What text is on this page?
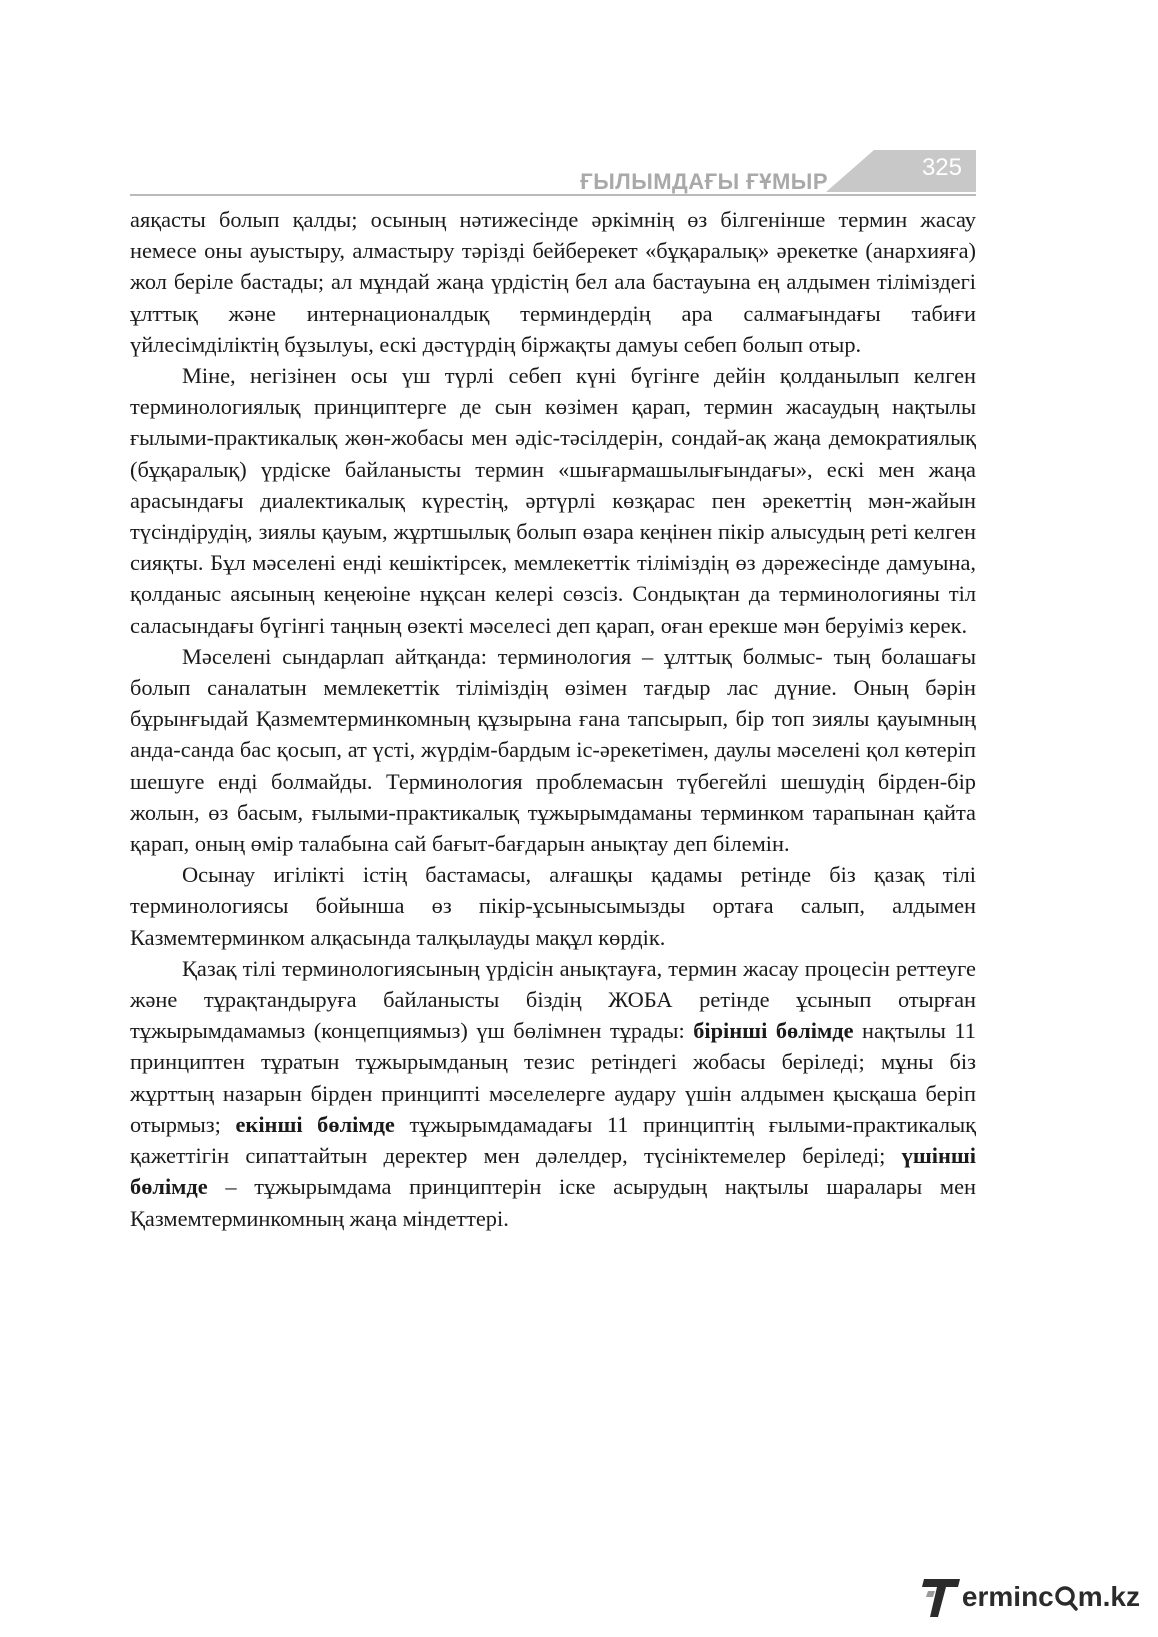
ҒЫЛЫМДАҒЫ ҒҰМЫР
325

аяқасты болып қалды; осының нәтижесінде әркімнің өз білгенінше термин жасау немесе оны ауыстыру, алмастыру тәрізді бейберекет «бұқаралық» әрекетке (анархияға) жол беріле бастады; ал мұндай жаңа үрдістің бел ала бастауына ең алдымен тіліміздегі ұлттық және интернационалдық терминдердің ара салмағындағы табиғи үйлесімділіктің бұзылуы, ескі дәстүрдің біржақты дамуы себеп болып отыр.

Міне, негізінен осы үш түрлі себеп күні бүгінге дейін қолданылып келген терминологиялық принциптерге де сын көзімен қарап, термин жасаудың нақтылы ғылыми-практикалық жөн-жобасы мен әдіс-тәсілдерін, сондай-ақ жаңа демократиялық (бұқаралық) үрдіске байланысты термин «шығармашылығындағы», ескі мен жаңа арасындағы диалектикалық күрестің, әртүрлі көзқарас пен әрекеттің мән-жайын түсіндірудің, зиялы қауым, жұртшылық болып өзара кеңінен пікір алысудың реті келген сияқты. Бұл мәселені енді кешіктірсек, мемлекеттік тіліміздің өз дәрежесінде дамуына, қолданыс аясының кеңеюіне нұқсан келері сөзсіз. Сондықтан да терминологияны тіл саласындағы бүгінгі таңның өзекті мәселесі деп қарап, оған ерекше мән беруіміз керек.

Мәселені сындарлап айтқанда: терминология – ұлттық болмыс- тың болашағы болып саналатын мемлекеттік тіліміздің өзімен тағдыр лас дүние. Оның бәрін бұрынғыдай Қазмемтерминкомның құзырына ғана тапсырып, бір топ зиялы қауымның анда-санда бас қосып, ат үсті, жүрдім-бардым іс-әрекетімен, даулы мәселені қол көтеріп шешуге енді болмайды. Терминология проблемасын түбегейлі шешудің бірден-бір жолын, өз басым, ғылыми-практикалық тұжырымдаманы терминком тарапынан қайта қарап, оның өмір талабына сай бағыт-бағдарын анықтау деп білемін.

Осынау игілікті істің бастамасы, алғашқы қадамы ретінде біз қазақ тілі терминологиясы бойынша өз пікір-ұсынысымызды ортаға салып, алдымен Казмемтерминком алқасында талқылауды мақұл көрдік.

Қазақ тілі терминологиясының үрдісін анықтауға, термин жасау процесін реттеуге және тұрақтандыруға байланысты біздің ЖОБА ретінде ұсынып отырған тұжырымдамамыз (концепциямыз) үш бөлімнен тұрады: бірінші бөлімде нақтылы 11 принциптен тұратын тұжырымданың тезис ретіндегі жобасы беріледі; мұны біз жұрттың назарын бірден принципті мәселелерге аудару үшін алдымен қысқаша беріп отырмыз; екінші бөлімде тұжырымдамадағы 11 принциптің ғылыми-практикалық қажеттігін сипаттайтын деректер мен дәлелдер, түсініктемелер беріледі; үшінші бөлімде – тұжырымдама принциптерін іске асырудың нақтылы шаралары мен Қазмемтерминкомның жаңа міндеттері.

erminc m.kz
